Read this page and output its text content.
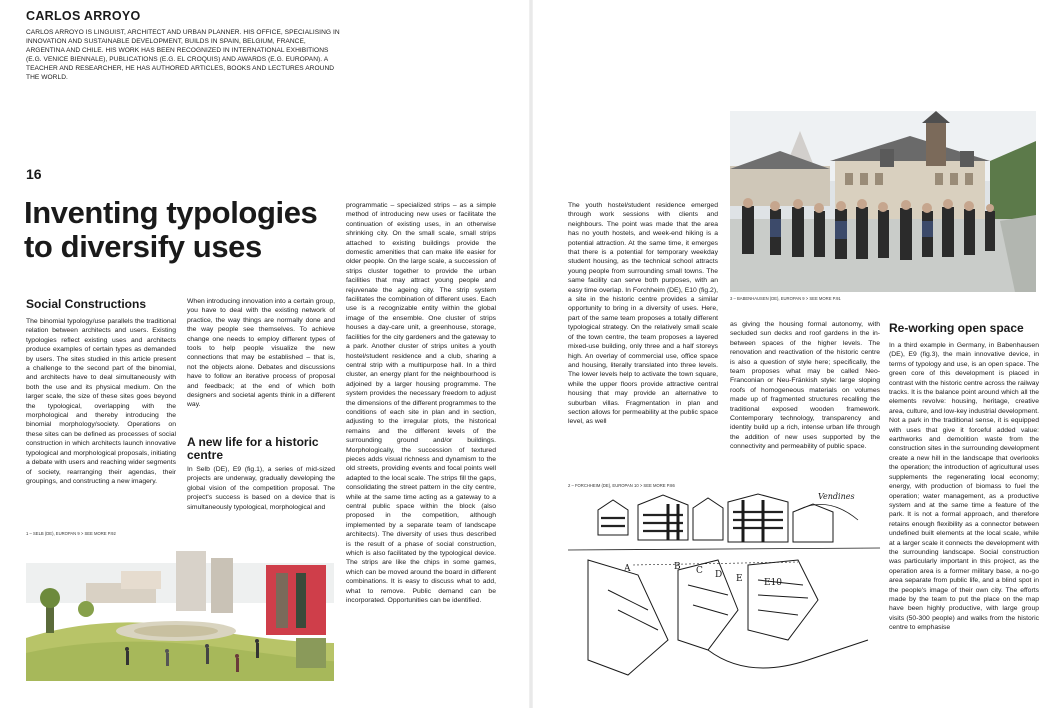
CARLOS ARROYO
CARLOS ARROYO IS LINGUIST, ARCHITECT AND URBAN PLANNER. HIS OFFICE, SPECIALISING IN INNOVATION AND SUSTAINABLE DEVELOPMENT, BUILDS IN SPAIN, BELGIUM, FRANCE, ARGENTINA AND CHILE. HIS WORK HAS BEEN RECOGNIZED IN INTERNATIONAL EXHIBITIONS (E.G. VENICE BIENNALE), PUBLICATIONS (E.G. EL CROQUIS) AND AWARDS (E.G. EUROPAN). A TEACHER AND RESEARCHER, HE HAS AUTHORED ARTICLES, BOOKS AND LECTURES AROUND THE WORLD.
16
Inventing typologies to diversify uses
Social Constructions
The binomial typology/use parallels the traditional relation between architects and users. Existing typologies reflect existing uses and architects produce examples of certain types as demanded by users. The sites studied in this article present a challenge to the second part of the binomial, and architects have to deal simultaneously with both the use and its physical medium. On the larger scale, the size of these sites goes beyond the typological, overlapping with the morphological and thereby introducing the binomial morphology/society. Operations on these sites can be defined as processes of social construction in which architects launch innovative typological and morphological proposals, initiating a debate with users and reaching wider segments of society, rearranging their agendas, their groupings, and constructing a new imagery.
1 – SELB (DE), EUROPAN 9 > SEE MORE P.92
When introducing innovation into a certain group, you have to deal with the existing network of practice, the way things are normally done and the way people see themselves. To achieve change one needs to employ different types of tools to help people visualize the new connections that may be established – that is, not the objects alone. Debates and discussions have to follow an iterative process of proposal and feedback; at the end of which both designers and societal agents think in a different way.
A new life for a historic centre
In Selb (DE), E9 (fig.1), a series of mid-sized projects are underway, gradually developing the global vision of the competition proposal. The project's success is based on a device that is simultaneously typological, morphological and
programmatic – specialized strips – as a simple method of introducing new uses or facilitate the continuation of existing uses, in an otherwise shrinking city. On the small scale, small strips attached to existing buildings provide the domestic amenities that can make life easier for older people. On the large scale, a succession of strips cluster together to provide the urban facilities that may attract young people and rejuvenate the ageing city. The strip system facilitates the combination of different uses. Each use is a recognizable entity within the global image of the ensemble. One cluster of strips houses a day-care unit, a greenhouse, storage, facilities for the city gardeners and the gateway to a park. Another cluster of strips unites a youth hostel/student residence and a club, sharing a central strip with a multipurpose hall. In a third cluster, an energy plant for the neighbourhood is adjoined by a larger housing programme. The system provides the necessary freedom to adjust the dimensions of the different programmes to the conditions of each site in plan and in section, adjusting to the irregular plots, the historical remains and the different levels of the surrounding ground and/or buildings. Morphologically, the succession of textured pieces adds visual richness and dynamism to the old streets, providing events and focal points well adapted to the local scale. The strips fill the gaps, consolidating the street pattern in the city centre, while at the same time acting as a gateway to a central public space within the block (also proposed in the competition, although implemented by a separate team of landscape architects). The diversity of uses thus described is the result of a phase of social construction, which is also facilitated by the typological device. The strips are like the chips in some games, which can be moved around the board in different combinations. It is easy to discuss what to add, what to remove. Public demand can be incorporated. Opportunities can be identified.
3 – BABENHAUSEN (DE), EUROPAN 9 > SEE MORE P.91
The youth hostel/student residence emerged through work sessions with clients and neighbours. The point was made that the area has no youth hostels, and week-end hiking is a potential attraction. At the same time, it emerges that there is a potential for temporary weekday student housing, as the technical school attracts young people from surrounding small towns. The same facility can serve both purposes, with an easy time overlap. In Forchheim (DE), E10 (fig.2), a site in the historic centre provides a similar opportunity to bring in a diversity of uses. Here, part of the same team proposes a totally different typological strategy. On the relatively small scale of the town centre, the team proposes a layered mixed-use building, only three and a half storeys high. An overlay of commercial use, office space and housing, literally translated into three levels. The lower levels help to activate the town square, while the upper floors provide attractive central housing that may provide an alternative to suburban villas. Fragmentation in plan and section allows for permeability at the public space level, as well
as giving the housing formal autonomy, with secluded sun decks and roof gardens in the in-between spaces of the higher levels. The renovation and reactivation of the historic centre is also a question of style here; specifically, the team proposes what may be called Neo-Franconian or Neu-Fränkish style: large sloping roofs of homogeneous materials on volumes made up of fragmented structures recalling the traditional exposed wooden framework. Contemporary technology, transparency and identity build up a rich, intense urban life through the addition of new uses supported by the connectivity and permeability of public space.
2 – FORCHHEIM (DE), EUROPAN 10 > SEE MORE P.86
A	B C D E E10
Vendines
Re-working open space
In a third example in Germany, in Babenhausen (DE), E9 (fig.3), the main innovative device, in terms of typology and use, is an open space. The green core of this development is placed in contrast with the historic centre across the railway tracks. It is the balance point around which all the elements revolve: housing, heritage, creative area, culture, and low-key industrial development. Not a park in the traditional sense, it is equipped with uses that give it forceful added value: earthworks and demolition waste from the construction sites in the surrounding development create a new hill in the landscape that overlooks the operation; the introduction of agricultural uses supplements the regenerating local economy; energy, with production of biomass to fuel the operation; water management, as a productive system and at the same time a feature of the park. It is not a formal approach, and therefore retains enough flexibility as a connector between undefined built elements at the local scale, while at a larger scale it connects the development with the surrounding landscape. Social construction was particularly important in this project, as the operation area is a former military base, a no-go area separate from public life, and a blind spot in the people's image of their own city. The efforts made by the team to put the place on the map have been highly productive, with large group visits (50-300 people) and walks from the historic centre to emphasise
